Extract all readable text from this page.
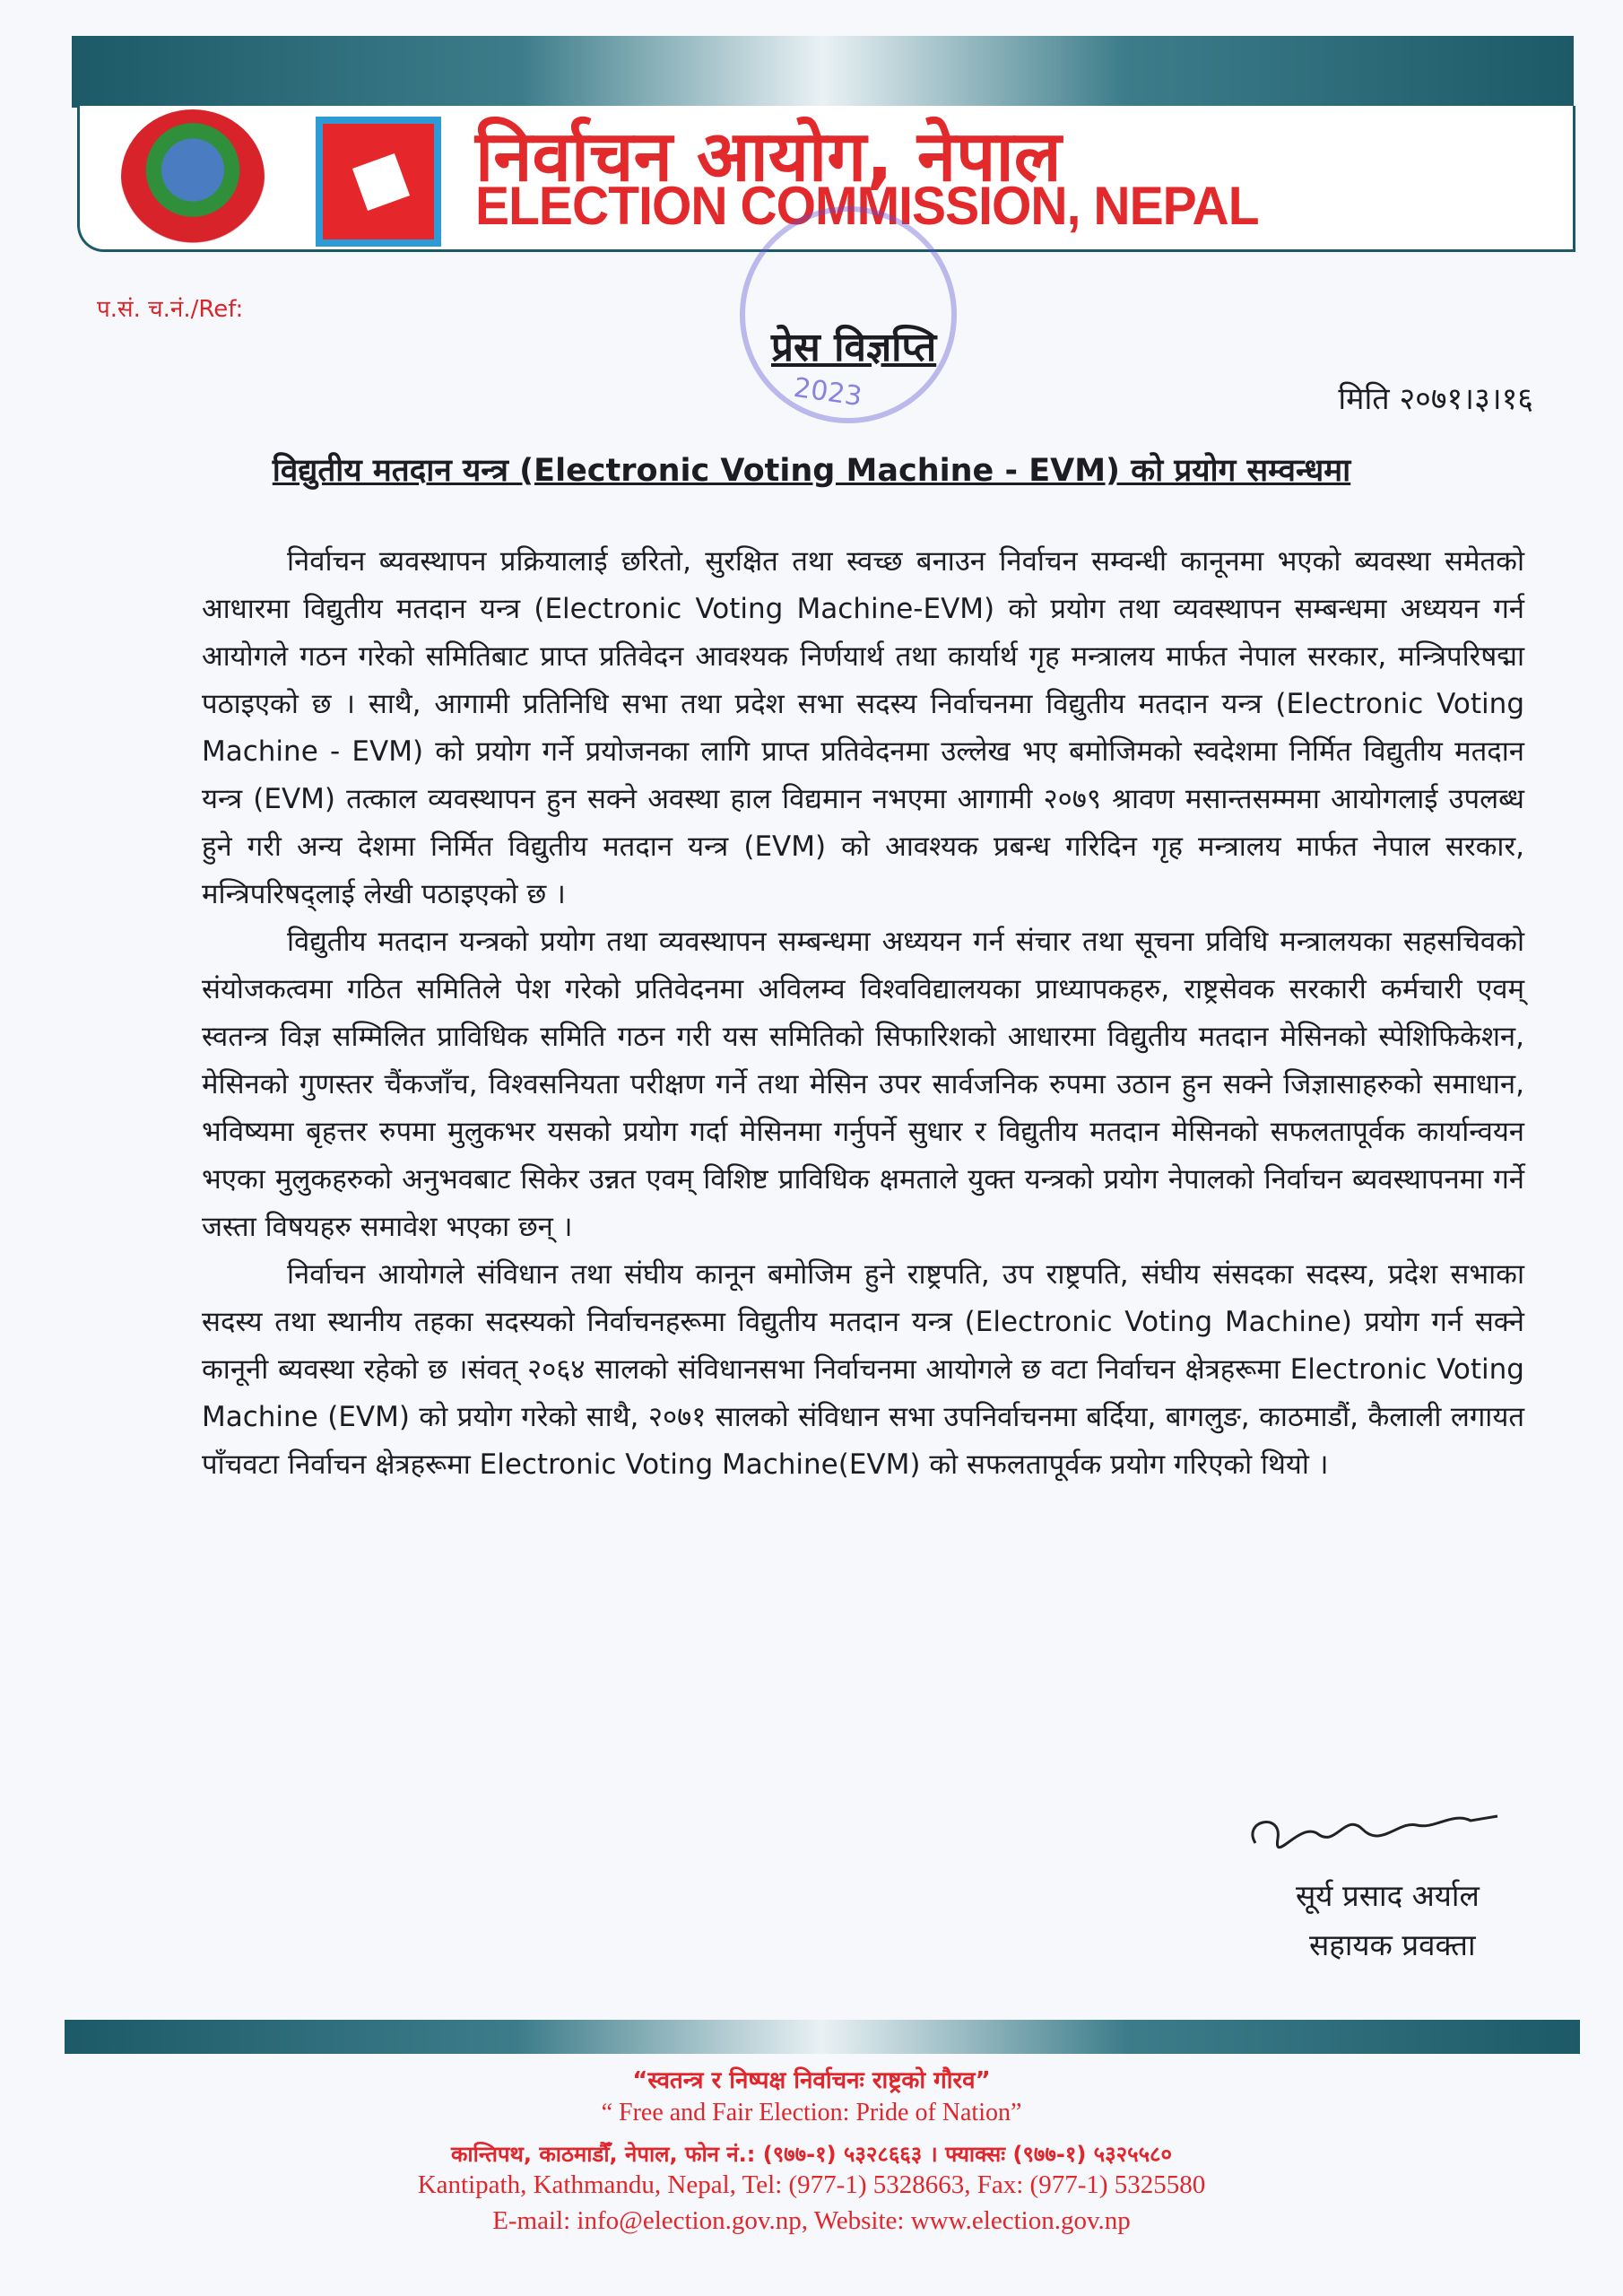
निर्वाचन आयोग, नेपाल
ELECTION COMMISSION, NEPAL
प.सं. च.नं./Ref:
2023
प्रेस विज्ञप्ति
मिति २०७१।३।१६
विद्युतीय मतदान यन्त्र (Electronic Voting Machine - EVM) को प्रयोग सम्वन्धमा

निर्वाचन ब्यवस्थापन प्रक्रियालाई छरितो, सुरक्षित तथा स्वच्छ बनाउन निर्वाचन सम्वन्धी कानूनमा भएको ब्यवस्था समेतको आधारमा विद्युतीय मतदान यन्त्र (Electronic Voting Machine-EVM) को प्रयोग तथा व्यवस्थापन सम्बन्धमा अध्ययन गर्न आयोगले गठन गरेको समितिबाट प्राप्त प्रतिवेदन आवश्यक निर्णयार्थ तथा कार्यार्थ गृह मन्त्रालय मार्फत नेपाल सरकार, मन्त्रिपरिषद्मा पठाइएको छ । साथै, आगामी प्रतिनिधि सभा तथा प्रदेश सभा सदस्य निर्वाचनमा विद्युतीय मतदान यन्त्र (Electronic Voting Machine - EVM) को प्रयोग गर्ने प्रयोजनका लागि प्राप्त प्रतिवेदनमा उल्लेख भए बमोजिमको स्वदेशमा निर्मित विद्युतीय मतदान यन्त्र (EVM) तत्काल व्यवस्थापन हुन सक्ने अवस्था हाल विद्यमान नभएमा आगामी २०७९ श्रावण मसान्तसम्ममा आयोगलाई उपलब्ध हुने गरी अन्य देशमा निर्मित विद्युतीय मतदान यन्त्र (EVM) को आवश्यक प्रबन्ध गरिदिन गृह मन्त्रालय मार्फत नेपाल सरकार, मन्त्रिपरिषद्लाई लेखी पठाइएको छ ।

विद्युतीय मतदान यन्त्रको प्रयोग तथा व्यवस्थापन सम्बन्धमा अध्ययन गर्न संचार तथा सूचना प्रविधि मन्त्रालयका सहसचिवको संयोजकत्वमा गठित समितिले पेश गरेको प्रतिवेदनमा अविलम्व विश्वविद्यालयका प्राध्यापकहरु, राष्ट्रसेवक सरकारी कर्मचारी एवम् स्वतन्त्र विज्ञ सम्मिलित प्राविधिक समिति गठन गरी यस समितिको सिफारिशको आधारमा विद्युतीय मतदान मेसिनको स्पेशिफिकेशन, मेसिनको गुणस्तर चैंकजाँच, विश्वसनियता परीक्षण गर्ने तथा मेसिन उपर सार्वजनिक रुपमा उठान हुन सक्ने जिज्ञासाहरुको समाधान, भविष्यमा बृहत्तर रुपमा मुलुकभर यसको प्रयोग गर्दा मेसिनमा गर्नुपर्ने सुधार र विद्युतीय मतदान मेसिनको सफलतापूर्वक कार्यान्वयन भएका मुलुकहरुको अनुभवबाट सिकेर उन्नत एवम् विशिष्ट प्राविधिक क्षमताले युक्त यन्त्रको प्रयोग नेपालको निर्वाचन ब्यवस्थापनमा गर्ने जस्ता विषयहरु समावेश भएका छन् ।

निर्वाचन आयोगले संविधान तथा संघीय कानून बमोजिम हुने राष्ट्रपति, उप राष्ट्रपति, संघीय संसदका सदस्य, प्रदेश सभाका सदस्य तथा स्थानीय तहका सदस्यको निर्वाचनहरूमा विद्युतीय मतदान यन्त्र (Electronic Voting Machine) प्रयोग गर्न सक्ने कानूनी ब्यवस्था रहेको छ ।संवत् २०६४ सालको संविधानसभा निर्वाचनमा आयोगले छ वटा निर्वाचन क्षेत्रहरूमा Electronic Voting Machine (EVM) को प्रयोग गरेको साथै, २०७१ सालको संविधान सभा उपनिर्वाचनमा बर्दिया, बागलुङ, काठमाडौं, कैलाली लगायत पाँचवटा निर्वाचन क्षेत्रहरूमा Electronic Voting Machine(EVM) को सफलतापूर्वक प्रयोग गरिएको थियो ।

सूर्य प्रसाद अर्याल
सहायक प्रवक्ता
“स्वतन्त्र र निष्पक्ष निर्वाचनः राष्ट्रको गौरव”
“ Free and Fair Election: Pride of Nation”
कान्तिपथ, काठमाडौँ, नेपाल, फोन नं.: (९७७-१) ५३२८६६३ । फ्याक्सः (९७७-१) ५३२५५८०
Kantipath, Kathmandu, Nepal, Tel: (977-1) 5328663, Fax: (977-1) 5325580
E-mail: info@election.gov.np, Website: www.election.gov.np
